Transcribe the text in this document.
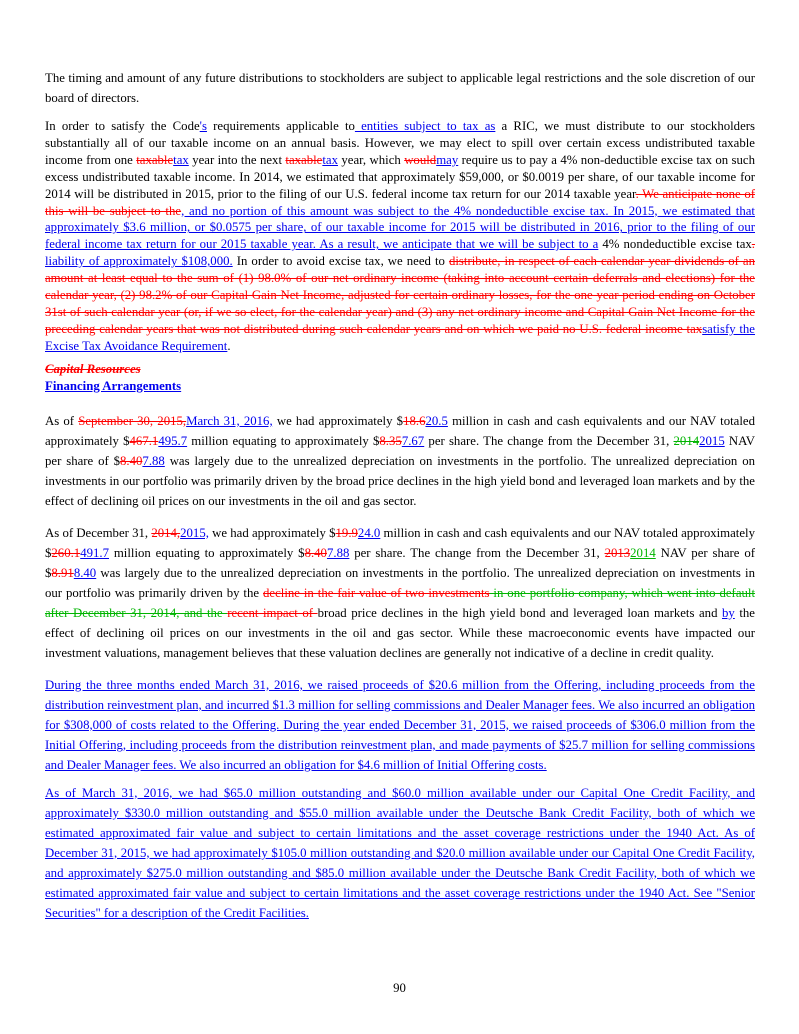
The timing and amount of any future distributions to stockholders are subject to applicable legal restrictions and the sole discretion of our board of directors.

In order to satisfy the Code's requirements applicable to entities subject to tax as a RIC, we must distribute to our stockholders substantially all of our taxable income on an annual basis. However, we may elect to spill over certain excess undistributed taxable income from one taxabletax year into the next taxabletax year, which wouldmay require us to pay a 4% non-deductible excise tax on such excess undistributed taxable income. In 2014, we estimated that approximately $59,000, or $0.0019 per share, of our taxable income for 2014 will be distributed in 2015, prior to the filing of our U.S. federal income tax return for our 2014 taxable year. We anticipate none of this will be subject to the, and no portion of this amount was subject to the 4% nondeductible excise tax. In 2015, we estimated that approximately $3.6 million, or $0.0575 per share, of our taxable income for 2015 will be distributed in 2016, prior to the filing of our federal income tax return for our 2015 taxable year. As a result, we anticipate that we will be subject to a 4% nondeductible excise tax. liability of approximately $108,000. In order to avoid excise tax, we need to distribute, in respect of each calendar year dividends of an amount at least equal to the sum of (1) 98.0% of our net ordinary income (taking into account certain deferrals and elections) for the calendar year, (2) 98.2% of our Capital Gain Net Income, adjusted for certain ordinary losses, for the one year period ending on October 31st of such calendar year (or, if we so elect, for the calendar year) and (3) any net ordinary income and Capital Gain Net Income for the preceding calendar years that was not distributed during such calendar years and on which we paid no U.S. federal income taxsatisfy the Excise Tax Avoidance Requirement.

Capital Resources

Financing Arrangements

As of September 30, 2015,March 31, 2016, we had approximately $18.620.5 million in cash and cash equivalents and our NAV totaled approximately $467.1495.7 million equating to approximately $8.357.67 per share. The change from the December 31, 20142015 NAV per share of $8.407.88 was largely due to the unrealized depreciation on investments in the portfolio. The unrealized depreciation on investments in our portfolio was primarily driven by the broad price declines in the high yield bond and leveraged loan markets and by the effect of declining oil prices on our investments in the oil and gas sector.

As of December 31, 2014,2015, we had approximately $19.924.0 million in cash and cash equivalents and our NAV totaled approximately $260.1491.7 million equating to approximately $8.407.88 per share. The change from the December 31, 20132014 NAV per share of $8.918.40 was largely due to the unrealized depreciation on investments in the portfolio. The unrealized depreciation on investments in our portfolio was primarily driven by the decline in the fair value of two investments in one portfolio company, which went into default after December 31, 2014, and the recent impact of broad price declines in the high yield bond and leveraged loan markets and by the effect of declining oil prices on our investments in the oil and gas sector. While these macroeconomic events have impacted our investment valuations, management believes that these valuation declines are generally not indicative of a decline in credit quality.

During the three months ended March 31, 2016, we raised proceeds of $20.6 million from the Offering, including proceeds from the distribution reinvestment plan, and incurred $1.3 million for selling commissions and Dealer Manager fees. We also incurred an obligation for $308,000 of costs related to the Offering. During the year ended December 31, 2015, we raised proceeds of $306.0 million from the Initial Offering, including proceeds from the distribution reinvestment plan, and made payments of $25.7 million for selling commissions and Dealer Manager fees. We also incurred an obligation for $4.6 million of Initial Offering costs.

As of March 31, 2016, we had $65.0 million outstanding and $60.0 million available under our Capital One Credit Facility, and approximately $330.0 million outstanding and $55.0 million available under the Deutsche Bank Credit Facility, both of which we estimated approximated fair value and subject to certain limitations and the asset coverage restrictions under the 1940 Act. As of December 31, 2015, we had approximately $105.0 million outstanding and $20.0 million available under our Capital One Credit Facility, and approximately $275.0 million outstanding and $85.0 million available under the Deutsche Bank Credit Facility, both of which we estimated approximated fair value and subject to certain limitations and the asset coverage restrictions under the 1940 Act. See "Senior Securities" for a description of the Credit Facilities.

90
